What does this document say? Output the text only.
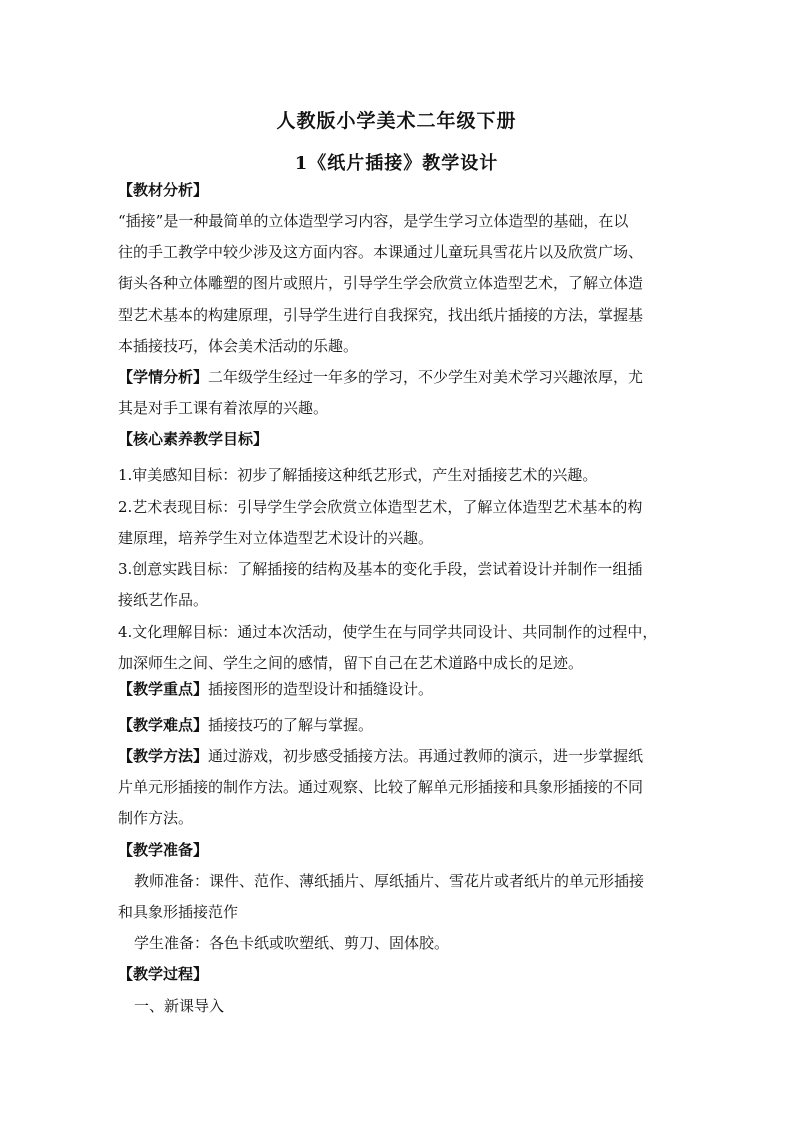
人教版小学美术二年级下册
1《纸片插接》教学设计
【教材分析】
“插接”是一种最简单的立体造型学习内容，是学生学习立体造型的基础，在以
往的手工教学中较少涉及这方面内容。本课通过儿童玩具雪花片以及欣赏广场、
街头各种立体雕塑的图片或照片，引导学生学会欣赏立体造型艺术，了解立体造
型艺术基本的构建原理，引导学生进行自我探究，找出纸片插接的方法，掌握基
本插接技巧，体会美术活动的乐趣。
【学情分析】二年级学生经过一年多的学习，不少学生对美术学习兴趣浓厚，尤
其是对手工课有着浓厚的兴趣。
【核心素养教学目标】
1.审美感知目标：初步了解插接这种纸艺形式，产生对插接艺术的兴趣。
2.艺术表现目标：引导学生学会欣赏立体造型艺术，了解立体造型艺术基本的构
建原理，培养学生对立体造型艺术设计的兴趣。
3.创意实践目标：了解插接的结构及基本的变化手段，尝试着设计并制作一组插
接纸艺作品。
4.文化理解目标：通过本次活动，使学生在与同学共同设计、共同制作的过程中，
加深师生之间、学生之间的感情，留下自己在艺术道路中成长的足迹。
【教学重点】插接图形的造型设计和插缝设计。
【教学难点】插接技巧的了解与掌握。
【教学方法】通过游戏，初步感受插接方法。再通过教师的演示，进一步掌握纸
片单元形插接的制作方法。通过观察、比较了解单元形插接和具象形插接的不同
制作方法。
【教学准备】
教师准备：课件、范作、薄纸插片、厚纸插片、雪花片或者纸片的单元形插接
和具象形插接范作
学生准备：各色卡纸或吹塑纸、剪刀、固体胶。
【教学过程】
一、新课导入
